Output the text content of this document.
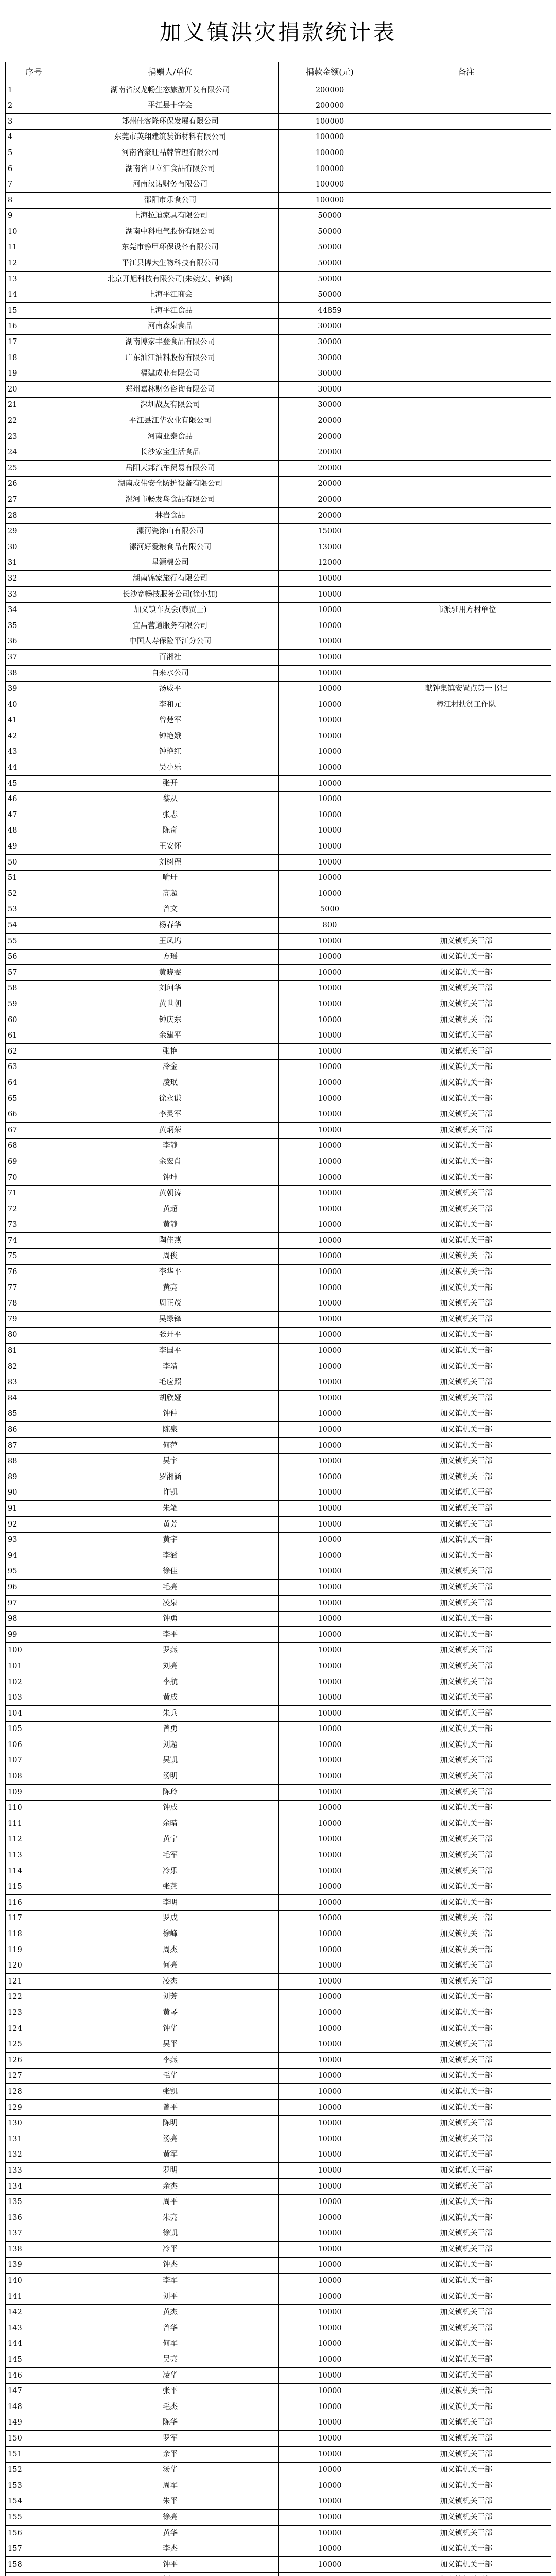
加义镇洪灾捐款统计表
序号	捐赠人/单位	捐款金额(元)	备注
1	湖南省汉龙畅生态旅游开发有限公司	200000	
2	平江县十字会	200000	
3	郑州佳客隆环保发展有限公司	100000	
4	东莞市英翔建筑装饰材料有限公司	100000	
5	河南省豪旺品牌管理有限公司	100000	
6	湖南省卫立汇食品有限公司	100000	
7	河南汉诺财务有限公司	100000	
8	邵阳市乐食公司	100000	
9	上海拉迪家具有限公司	50000	
10	湖南中科电气股份有限公司	50000	
11	东莞市静甲环保设备有限公司	50000	
12	平江县博大生物科技有限公司	50000	
13	北京开旭科技有限公司(朱婉安、钟涵)	50000	
14	上海平江商会	50000	
15	上海平江食品	44859	
16	河南森泉食品	30000	
17	湖南博家丰登食品有限公司	30000	
18	广东汕江油料股份有限公司	30000	
19	福建成业有限公司	30000	
20	郑州嘉林财务咨询有限公司	30000	
21	深圳战友有限公司	30000	
22	平江县江华农业有限公司	20000	
23	河南亚泰食品	20000	
24	长沙家宝生活食品	20000	
25	岳阳天邦汽车贸易有限公司	20000	
26	湖南成伟安全防护设备有限公司	20000	
27	漯河市畅发鸟食品有限公司	20000	
28	林岩食品	20000	
29	漯河瓷涂山有限公司	15000	
30	漯河好爱粮食品有限公司	13000	
31	星源棉公司	12000	
32	湖南锦家旅行有限公司	10000	
33	长沙宽畅技服务公司(徐小加)	10000	
34	加义镇车友会(泰贸王)	10000	市派驻用方村单位
35	宜昌营道服务有限公司	10000	
36	中国人寿保险平江分公司	10000	
37	百湘社	10000	
38	自来水公司	10000	
39	汤威平	10000	献钟集镇安置点第一书记
40	李和元	10000	樟江村扶贫工作队
41	曾楚军	10000	
42	钟艳娥	10000	
43	钟艳红	10000	
44	吴小乐	10000	
45	张开	10000	
46	黎从	10000	
47	张志	10000	
48	陈奇	10000	
49	王安怀	10000	
50	刘树程	10000	
51	喻玕	10000	
52	高超	10000	
53	曾文	5000	
54	杨春华	800	
55	王凤坞	10000	加义镇机关干部
56	方瑶	10000	加义镇机关干部
57	黄晓雯	10000	加义镇机关干部
58	刘珂华	10000	加义镇机关干部
59	黄世朝	10000	加义镇机关干部
60	钟庆东	10000	加义镇机关干部
61	余建平	10000	加义镇机关干部
62	张艳	10000	加义镇机关干部
63	冷金	10000	加义镇机关干部
64	凌珉	10000	加义镇机关干部
65	徐永谦	10000	加义镇机关干部
66	李灵军	10000	加义镇机关干部
67	黄炳荣	10000	加义镇机关干部
68	李静	10000	加义镇机关干部
69	余宏肖	10000	加义镇机关干部
70	钟坤	10000	加义镇机关干部
71	黄朝涛	10000	加义镇机关干部
72	黄超	10000	加义镇机关干部
73	黄静	10000	加义镇机关干部
74	陶佳燕	10000	加义镇机关干部
75	周俊	10000	加义镇机关干部
76	李华平	10000	加义镇机关干部
77	黄亮	10000	加义镇机关干部
78	周正茂	10000	加义镇机关干部
79	吴绿锋	10000	加义镇机关干部
80	张开平	10000	加义镇机关干部
81	李国平	10000	加义镇机关干部
82	李靖	10000	加义镇机关干部
83	毛应照	10000	加义镇机关干部
84	胡欣娅	10000	加义镇机关干部
85	钟仲	10000	加义镇机关干部
86	陈泉	10000	加义镇机关干部
87	何萍	10000	加义镇机关干部
88	吴宇	10000	加义镇机关干部
89	罗湘涵	10000	加义镇机关干部
90	许凯	10000	加义镇机关干部
91	朱笔	10000	加义镇机关干部
92	黄芳	10000	加义镇机关干部
93	黄宇	10000	加义镇机关干部
94	李涵	10000	加义镇机关干部
95	徐佳	10000	加义镇机关干部
96	毛亮	10000	加义镇机关干部
97	凌泉	10000	加义镇机关干部
98	钟勇	10000	加义镇机关干部
99	李平	10000	加义镇机关干部
100	罗燕	10000	加义镇机关干部
101	刘亮	10000	加义镇机关干部
102	李航	10000	加义镇机关干部
103	黄成	10000	加义镇机关干部
104	朱兵	10000	加义镇机关干部
105	曾勇	10000	加义镇机关干部
106	刘超	10000	加义镇机关干部
107	吴凯	10000	加义镇机关干部
108	汤明	10000	加义镇机关干部
109	陈玲	10000	加义镇机关干部
110	钟成	10000	加义镇机关干部
111	余晴	10000	加义镇机关干部
112	黄宁	10000	加义镇机关干部
113	毛军	10000	加义镇机关干部
114	冷乐	10000	加义镇机关干部
115	张燕	10000	加义镇机关干部
116	李明	10000	加义镇机关干部
117	罗成	10000	加义镇机关干部
118	徐峰	10000	加义镇机关干部
119	周杰	10000	加义镇机关干部
120	何亮	10000	加义镇机关干部
121	凌杰	10000	加义镇机关干部
122	刘芳	10000	加义镇机关干部
123	黄琴	10000	加义镇机关干部
124	钟华	10000	加义镇机关干部
125	吴平	10000	加义镇机关干部
126	李燕	10000	加义镇机关干部
127	毛华	10000	加义镇机关干部
128	张凯	10000	加义镇机关干部
129	曾平	10000	加义镇机关干部
130	陈明	10000	加义镇机关干部
131	汤亮	10000	加义镇机关干部
132	黄军	10000	加义镇机关干部
133	罗明	10000	加义镇机关干部
134	余杰	10000	加义镇机关干部
135	周平	10000	加义镇机关干部
136	朱亮	10000	加义镇机关干部
137	徐凯	10000	加义镇机关干部
138	冷平	10000	加义镇机关干部
139	钟杰	10000	加义镇机关干部
140	李军	10000	加义镇机关干部
141	刘平	10000	加义镇机关干部
142	黄杰	10000	加义镇机关干部
143	曾华	10000	加义镇机关干部
144	何军	10000	加义镇机关干部
145	吴亮	10000	加义镇机关干部
146	凌华	10000	加义镇机关干部
147	张平	10000	加义镇机关干部
148	毛杰	10000	加义镇机关干部
149	陈华	10000	加义镇机关干部
150	罗军	10000	加义镇机关干部
151	余平	10000	加义镇机关干部
152	汤华	10000	加义镇机关干部
153	周军	10000	加义镇机关干部
154	朱平	10000	加义镇机关干部
155	徐亮	10000	加义镇机关干部
156	黄华	10000	加义镇机关干部
157	李杰	10000	加义镇机关干部
158	钟平	10000	加义镇机关干部
